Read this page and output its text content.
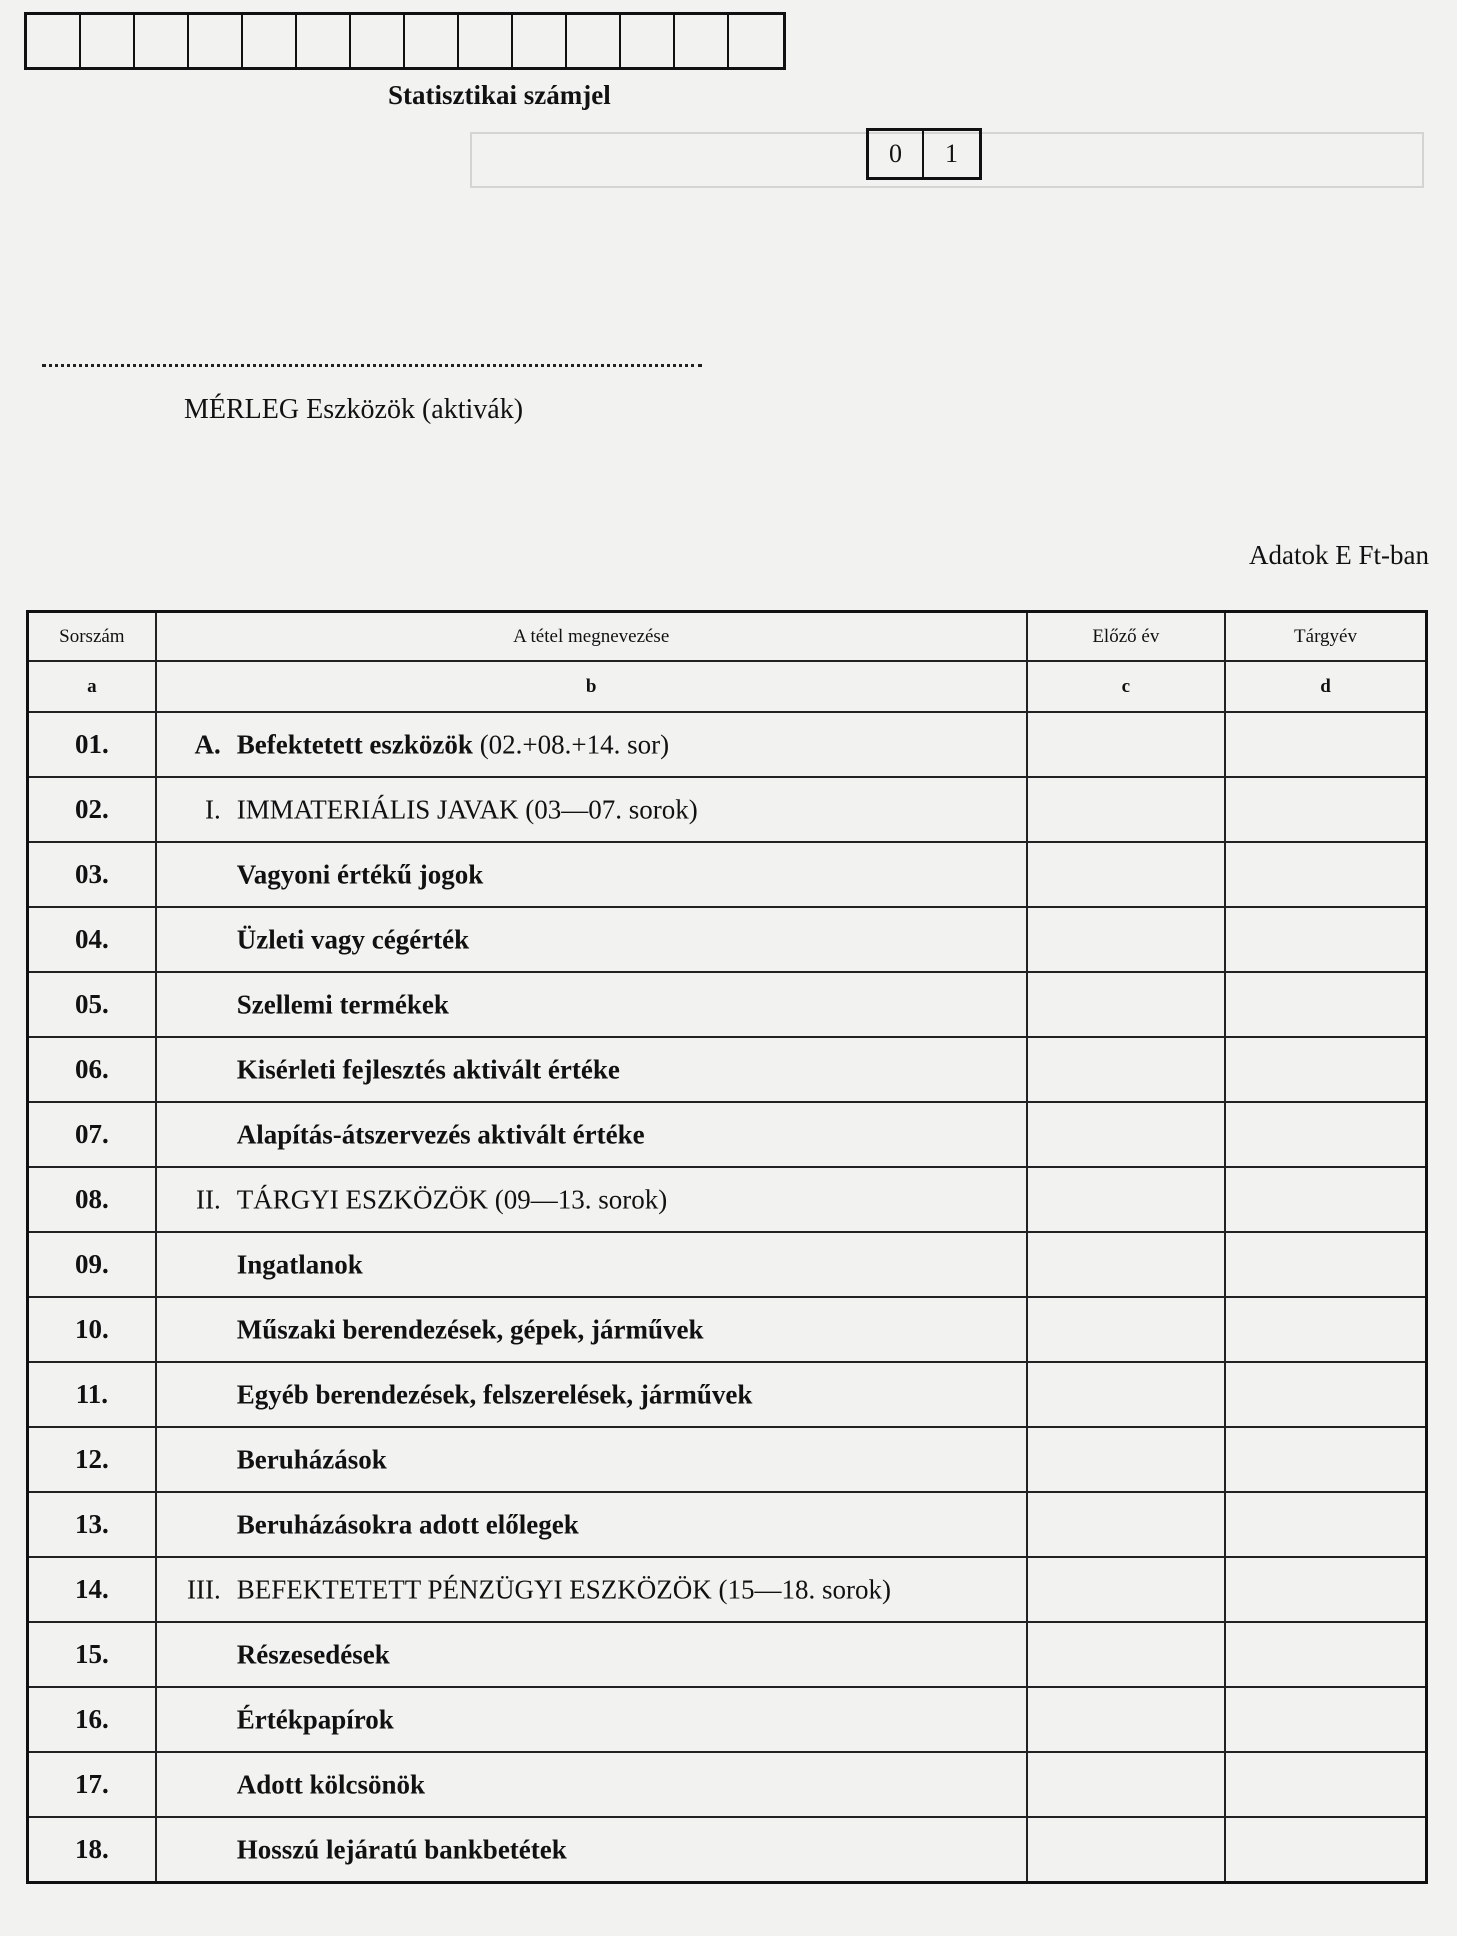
Statisztikai számjel
0	1
MÉRLEG Eszközök (aktivák)
Adatok E Ft-ban
Sorszám	A tétel megnevezése	Előző év	Tárgyév
a	b	c	d
01.	A. Befektetett eszközök (02.+08.+14. sor)		

02.	I. IMMATERIÁLIS JAVAK (03—07. sorok)		

03.	Vagyoni értékű jogok		

04.	Üzleti vagy cégérték		

05.	Szellemi termékek		

06.	Kisérleti fejlesztés aktivált értéke		

07.	Alapítás-átszervezés aktivált értéke		

08.	II. TÁRGYI ESZKÖZÖK (09—13. sorok)		

09.	Ingatlanok		

10.	Műszaki berendezések, gépek, járművek		

11.	Egyéb berendezések, felszerelések, járművek		

12.	Beruházások		

13.	Beruházásokra adott előlegek		

14.	III. BEFEKTETETT PÉNZÜGYI ESZKÖZÖK (15—18. sorok)		

15.	Részesedések		

16.	Értékpapírok		

17.	Adott kölcsönök		

18.	Hosszú lejáratú bankbetétek		
